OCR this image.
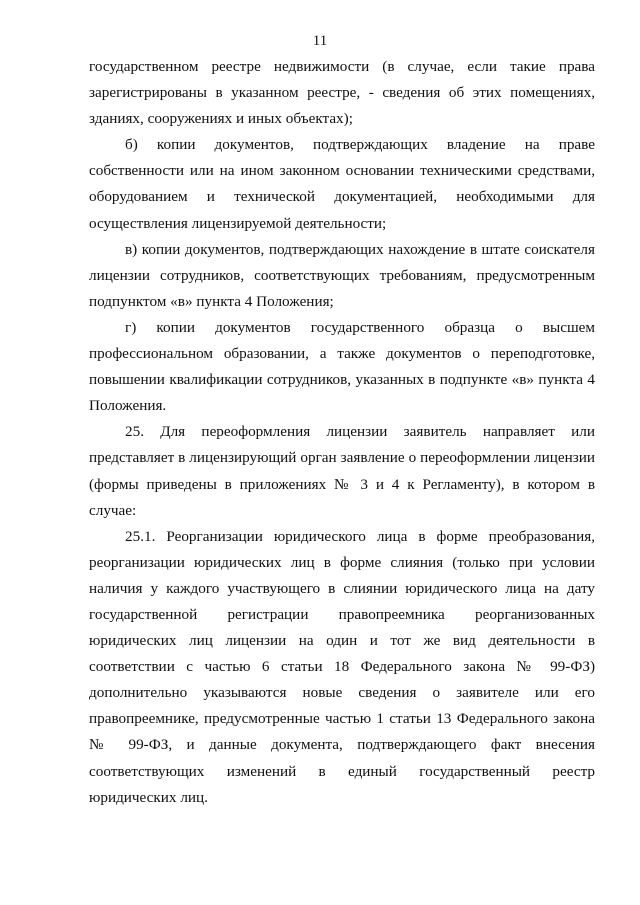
11
государственном реестре недвижимости (в случае, если такие права
зарегистрированы в указанном реестре, - сведения об этих помещениях,
зданиях, сооружениях и иных объектах);
б) копии документов, подтверждающих владение на праве
собственности или на ином законном основании техническими средствами,
оборудованием и технической документацией, необходимыми для
осуществления лицензируемой деятельности;
в) копии документов, подтверждающих нахождение в штате соискателя
лицензии сотрудников, соответствующих требованиям, предусмотренным
подпунктом «в» пункта 4 Положения;
г) копии документов государственного образца о высшем
профессиональном образовании, а также документов о переподготовке,
повышении квалификации сотрудников, указанных в подпункте «в» пункта 4
Положения.
25. Для переоформления лицензии заявитель направляет или
представляет в лицензирующий орган заявление о переоформлении лицензии
(формы приведены в приложениях № 3 и 4 к Регламенту), в котором в
случае:
25.1. Реорганизации юридического лица в форме преобразования,
реорганизации юридических лиц в форме слияния (только при условии
наличия у каждого участвующего в слиянии юридического лица на дату
государственной регистрации правопреемника реорганизованных
юридических лиц лицензии на один и тот же вид деятельности в
соответствии с частью 6 статьи 18 Федерального закона № 99-ФЗ)
дополнительно указываются новые сведения о заявителе или его
правопреемнике, предусмотренные частью 1 статьи 13 Федерального закона
№ 99-ФЗ, и данные документа, подтверждающего факт внесения
соответствующих изменений в единый государственный реестр
юридических лиц.
